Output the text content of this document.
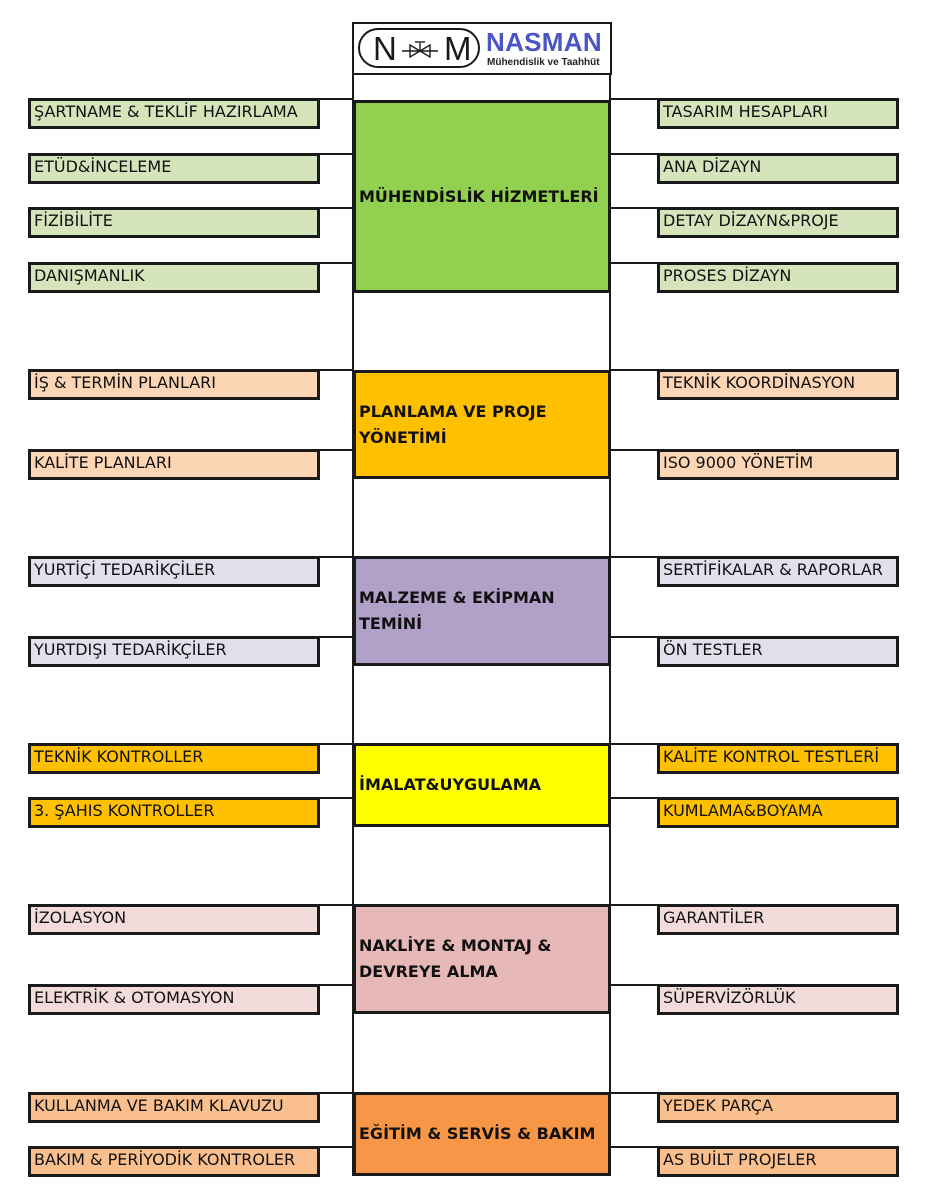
N M NASMAN
Mühendislik ve Taahhüt
MÜHENDİSLİK HİZMETLERİ
ŞARTNAME & TEKLİF HAZIRLAMA
ETÜD&İNCELEME
FİZİBİLİTE
DANIŞMANLIK
TASARIM HESAPLARI
ANA DİZAYN
DETAY DİZAYN&PROJE
PROSES DİZAYN
PLANLAMA VE PROJE YÖNETİMİ
İŞ & TERMİN PLANLARI
KALİTE PLANLARI
TEKNİK KOORDİNASYON
ISO 9000 YÖNETİM
MALZEME & EKİPMAN TEMİNİ
YURTİÇİ TEDARİKÇİLER
YURTDIŞI TEDARİKÇİLER
SERTİFİKALAR & RAPORLAR
ÖN TESTLER
İMALAT&UYGULAMA
TEKNİK KONTROLLER
3. ŞAHIS KONTROLLER
KALİTE KONTROL TESTLERİ
KUMLAMA&BOYAMA
NAKLİYE & MONTAJ & DEVREYE ALMA
İZOLASYON
ELEKTRİK & OTOMASYON
GARANTİLER
SÜPERVİZÖRLÜK
EĞİTİM & SERVİS & BAKIM
KULLANMA VE BAKIM KLAVUZU
BAKIM & PERİYODİK KONTROLER
YEDEK PARÇA
AS BUİLT PROJELER
